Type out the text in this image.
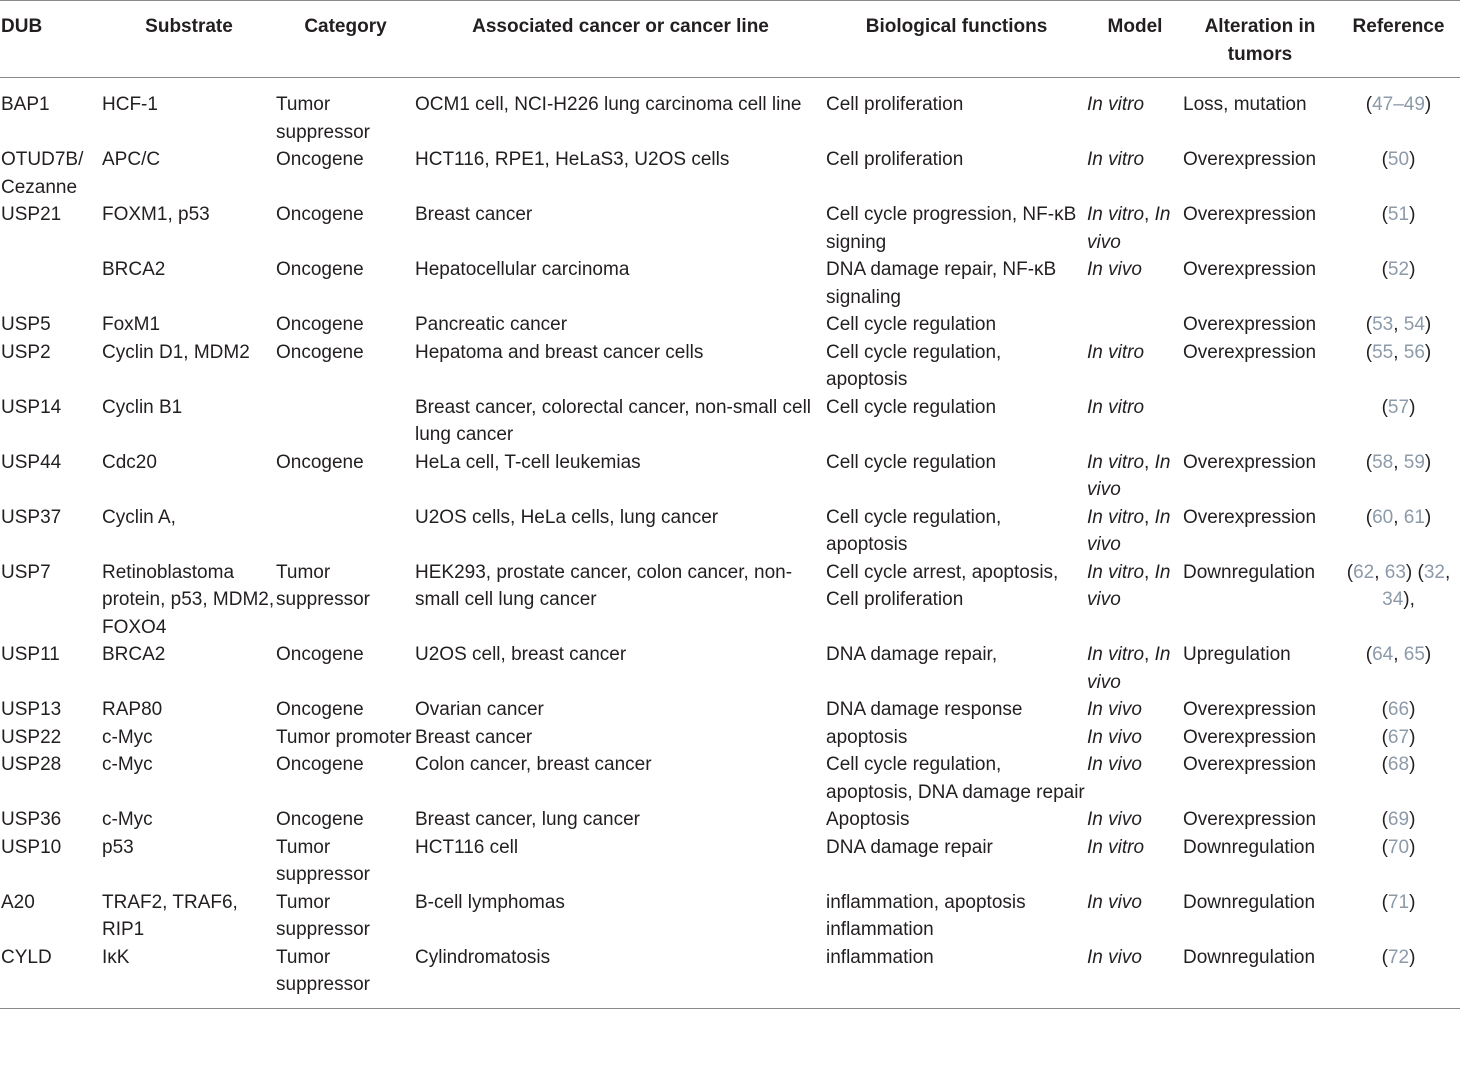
DUB	Substrate	Category	Associated cancer or cancer line	Biological functions	Model	Alteration in tumors	Reference
BAP1	HCF-1	Tumor suppressor	OCM1 cell, NCI-H226 lung carcinoma cell line	Cell proliferation	In vitro	Loss, mutation	(47–49)
OTUD7B/ Cezanne	APC/C	Oncogene	HCT116, RPE1, HeLaS3, U2OS cells	Cell proliferation	In vitro	Overexpression	(50)
USP21	FOXM1, p53	Oncogene	Breast cancer	Cell cycle progression, NF-κB signing	In vitro, In vivo	Overexpression	(51)
	BRCA2	Oncogene	Hepatocellular carcinoma	DNA damage repair, NF-κB signaling	In vivo	Overexpression	(52)
USP5	FoxM1	Oncogene	Pancreatic cancer	Cell cycle regulation		Overexpression	(53, 54)
USP2	Cyclin D1, MDM2	Oncogene	Hepatoma and breast cancer cells	Cell cycle regulation, apoptosis	In vitro	Overexpression	(55, 56)
USP14	Cyclin B1		Breast cancer, colorectal cancer, non-small cell lung cancer	Cell cycle regulation	In vitro		(57)
USP44	Cdc20	Oncogene	HeLa cell, T-cell leukemias	Cell cycle regulation	In vitro, In vivo	Overexpression	(58, 59)
USP37	Cyclin A,		U2OS cells, HeLa cells, lung cancer	Cell cycle regulation, apoptosis	In vitro, In vivo	Overexpression	(60, 61)
USP7	Retinoblastoma protein, p53, MDM2, FOXO4	Tumor suppressor	HEK293, prostate cancer, colon cancer, non-small cell lung cancer	Cell cycle arrest, apoptosis, Cell proliferation	In vitro, In vivo	Downregulation	(62, 63) (32, 34),
USP11	BRCA2	Oncogene	U2OS cell, breast cancer	DNA damage repair,	In vitro, In vivo	Upregulation	(64, 65)
USP13	RAP80	Oncogene	Ovarian cancer	DNA damage response	In vivo	Overexpression	(66)
USP22	c-Myc	Tumor promoter	Breast cancer	apoptosis	In vivo	Overexpression	(67)
USP28	c-Myc	Oncogene	Colon cancer, breast cancer	Cell cycle regulation, apoptosis, DNA damage repair	In vivo	Overexpression	(68)
USP36	c-Myc	Oncogene	Breast cancer, lung cancer	Apoptosis	In vivo	Overexpression	(69)
USP10	p53	Tumor suppressor	HCT116 cell	DNA damage repair	In vitro	Downregulation	(70)
A20	TRAF2, TRAF6, RIP1	Tumor suppressor	B-cell lymphomas	inflammation, apoptosis inflammation	In vivo	Downregulation	(71)
CYLD	IκK	Tumor suppressor	Cylindromatosis	inflammation	In vivo	Downregulation	(72)
